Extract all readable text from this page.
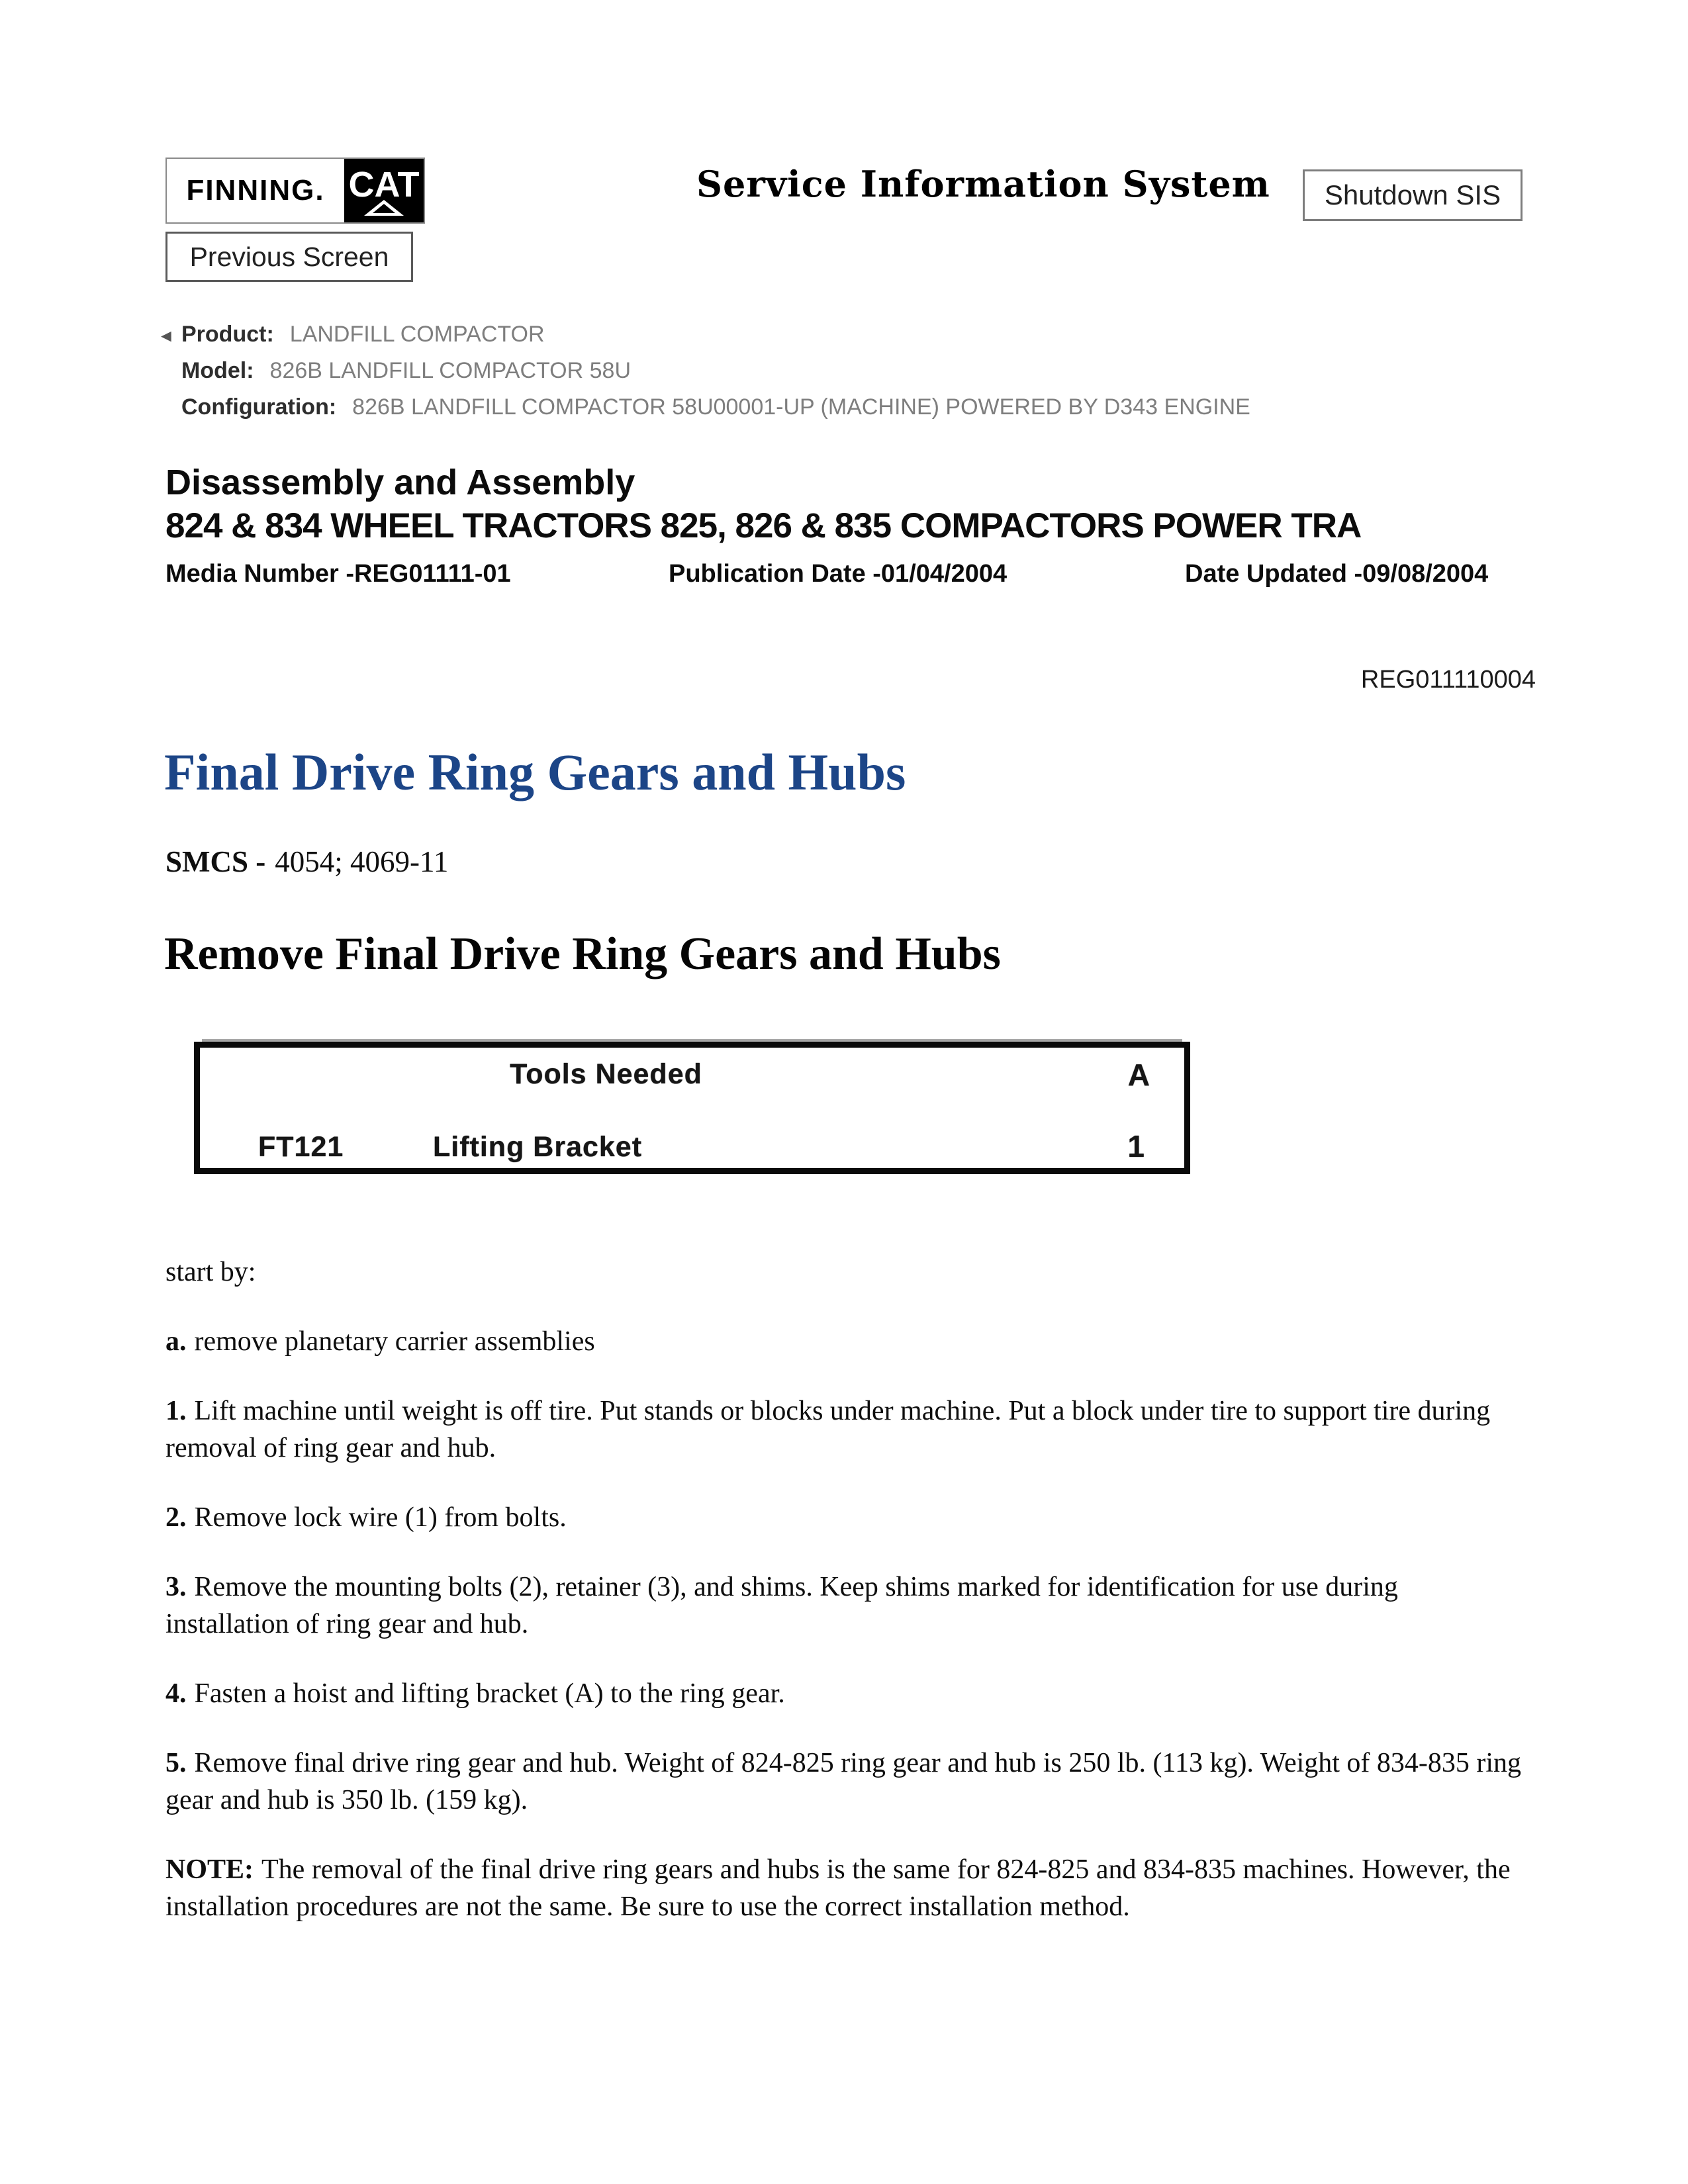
FINNING. CAT	Service Information System	Shutdown SIS
Previous Screen
◄ Product: LANDFILL COMPACTOR
Model: 826B LANDFILL COMPACTOR 58U
Configuration: 826B LANDFILL COMPACTOR 58U00001-UP (MACHINE) POWERED BY D343 ENGINE
Disassembly and Assembly
824 & 834 WHEEL TRACTORS 825, 826 & 835 COMPACTORS POWER TRA
Media Number -REG01111-01	Publication Date -01/04/2004	Date Updated -09/08/2004
REG011110004
Final Drive Ring Gears and Hubs
SMCS - 4054; 4069-11
Remove Final Drive Ring Gears and Hubs
Tools Needed	A
FT121	Lifting Bracket	1

start by:

a. remove planetary carrier assemblies

1. Lift machine until weight is off tire. Put stands or blocks under machine. Put a block under tire to support tire during removal of ring gear and hub.

2. Remove lock wire (1) from bolts.

3. Remove the mounting bolts (2), retainer (3), and shims. Keep shims marked for identification for use during installation of ring gear and hub.

4. Fasten a hoist and lifting bracket (A) to the ring gear.

5. Remove final drive ring gear and hub. Weight of 824-825 ring gear and hub is 250 lb. (113 kg). Weight of 834-835 ring gear and hub is 350 lb. (159 kg).

NOTE: The removal of the final drive ring gears and hubs is the same for 824-825 and 834-835 machines. However, the installation procedures are not the same. Be sure to use the correct installation method.
